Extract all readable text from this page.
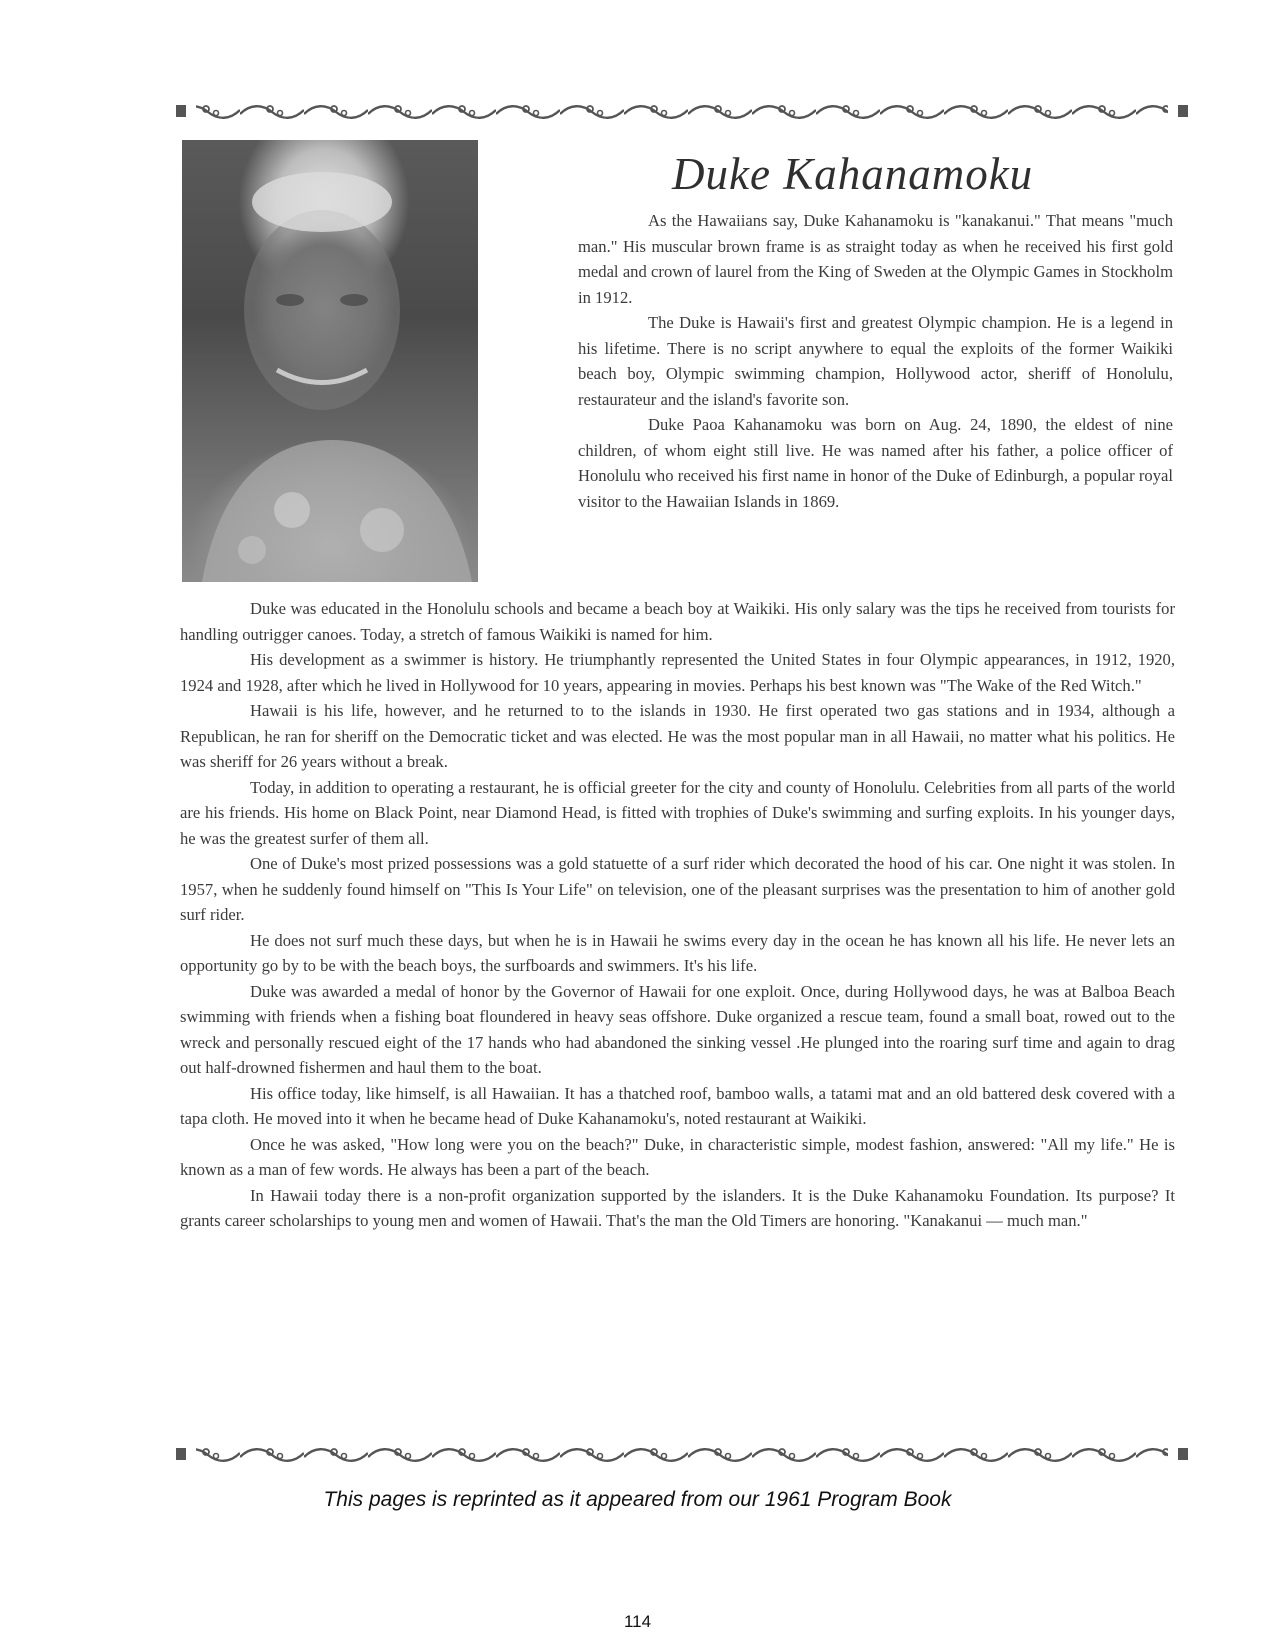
Duke Kahanamoku

As the Hawaiians say, Duke Kahanamoku is "kanakanui." That means "much man." His muscular brown frame is as straight today as when he received his first gold medal and crown of laurel from the King of Sweden at the Olympic Games in Stockholm in 1912.

The Duke is Hawaii's first and greatest Olympic champion. He is a legend in his lifetime. There is no script anywhere to equal the exploits of the former Waikiki beach boy, Olympic swimming champion, Hollywood actor, sheriff of Honolulu, restaurateur and the island's favorite son.

Duke Paoa Kahanamoku was born on Aug. 24, 1890, the eldest of nine children, of whom eight still live. He was named after his father, a police officer of Honolulu who received his first name in honor of the Duke of Edinburgh, a popular royal visitor to the Hawaiian Islands in 1869.

Duke was educated in the Honolulu schools and became a beach boy at Waikiki. His only salary was the tips he received from tourists for handling outrigger canoes. Today, a stretch of famous Waikiki is named for him.

His development as a swimmer is history. He triumphantly represented the United States in four Olympic appearances, in 1912, 1920, 1924 and 1928, after which he lived in Hollywood for 10 years, appearing in movies. Perhaps his best known was "The Wake of the Red Witch."

Hawaii is his life, however, and he returned to to the islands in 1930. He first operated two gas stations and in 1934, although a Republican, he ran for sheriff on the Democratic ticket and was elected. He was the most popular man in all Hawaii, no matter what his politics. He was sheriff for 26 years without a break.

Today, in addition to operating a restaurant, he is official greeter for the city and county of Honolulu. Celebrities from all parts of the world are his friends. His home on Black Point, near Diamond Head, is fitted with trophies of Duke's swimming and surfing exploits. In his younger days, he was the greatest surfer of them all.

One of Duke's most prized possessions was a gold statuette of a surf rider which decorated the hood of his car. One night it was stolen. In 1957, when he suddenly found himself on "This Is Your Life" on television, one of the pleasant surprises was the presentation to him of another gold surf rider.

He does not surf much these days, but when he is in Hawaii he swims every day in the ocean he has known all his life. He never lets an opportunity go by to be with the beach boys, the surfboards and swimmers. It's his life.

Duke was awarded a medal of honor by the Governor of Hawaii for one exploit. Once, during Hollywood days, he was at Balboa Beach swimming with friends when a fishing boat floundered in heavy seas offshore. Duke organized a rescue team, found a small boat, rowed out to the wreck and personally rescued eight of the 17 hands who had abandoned the sinking vessel .He plunged into the roaring surf time and again to drag out half-drowned fishermen and haul them to the boat.

His office today, like himself, is all Hawaiian. It has a thatched roof, bamboo walls, a tatami mat and an old battered desk covered with a tapa cloth. He moved into it when he became head of Duke Kahanamoku's, noted restaurant at Waikiki.

Once he was asked, "How long were you on the beach?" Duke, in characteristic simple, modest fashion, answered: "All my life." He is known as a man of few words. He always has been a part of the beach.

In Hawaii today there is a non-profit organization supported by the islanders. It is the Duke Kahanamoku Foundation. Its purpose? It grants career scholarships to young men and women of Hawaii. That's the man the Old Timers are honoring. "Kanakanui — much man."

This pages is reprinted as it appeared from our 1961 Program Book

114
